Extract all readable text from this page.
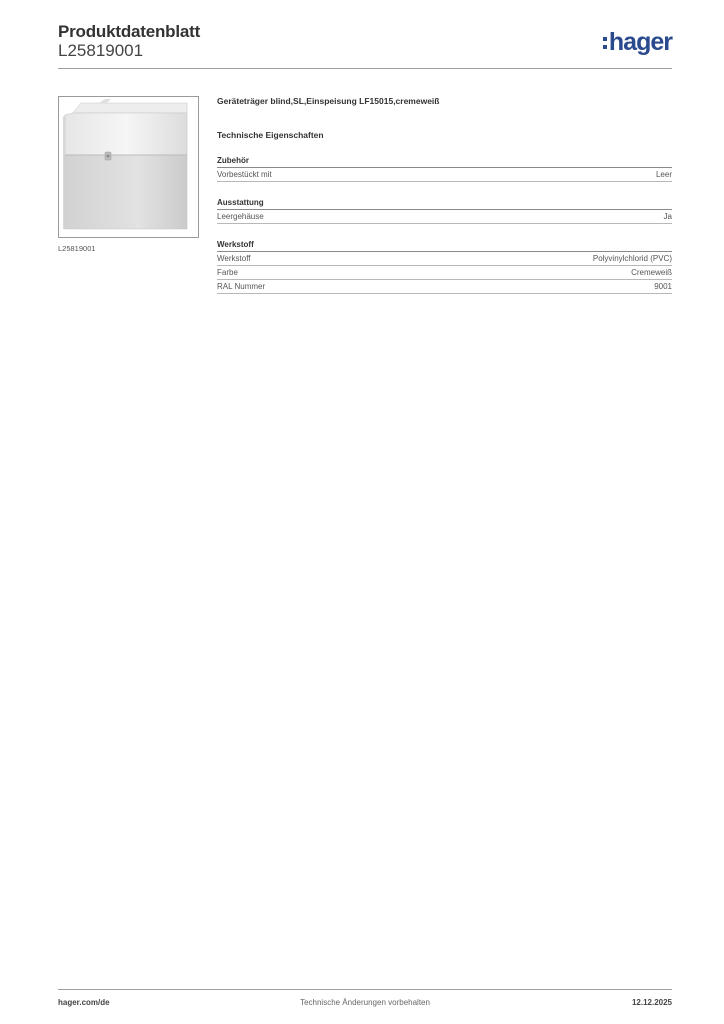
Produktdatenblatt
L25819001	hager
L25819001
Geräteträger blind,SL,Einspeisung LF15015,cremeweiß
Technische Eigenschaften
Zubehör
Vorbestückt mit	Leer
Ausstattung
Leergehäuse	Ja
Werkstoff
Werkstoff	Polyvinylchlorid (PVC)
Farbe	Cremeweiß
RAL Nummer	9001
hager.com/de	Technische Änderungen vorbehalten	12.12.2025
